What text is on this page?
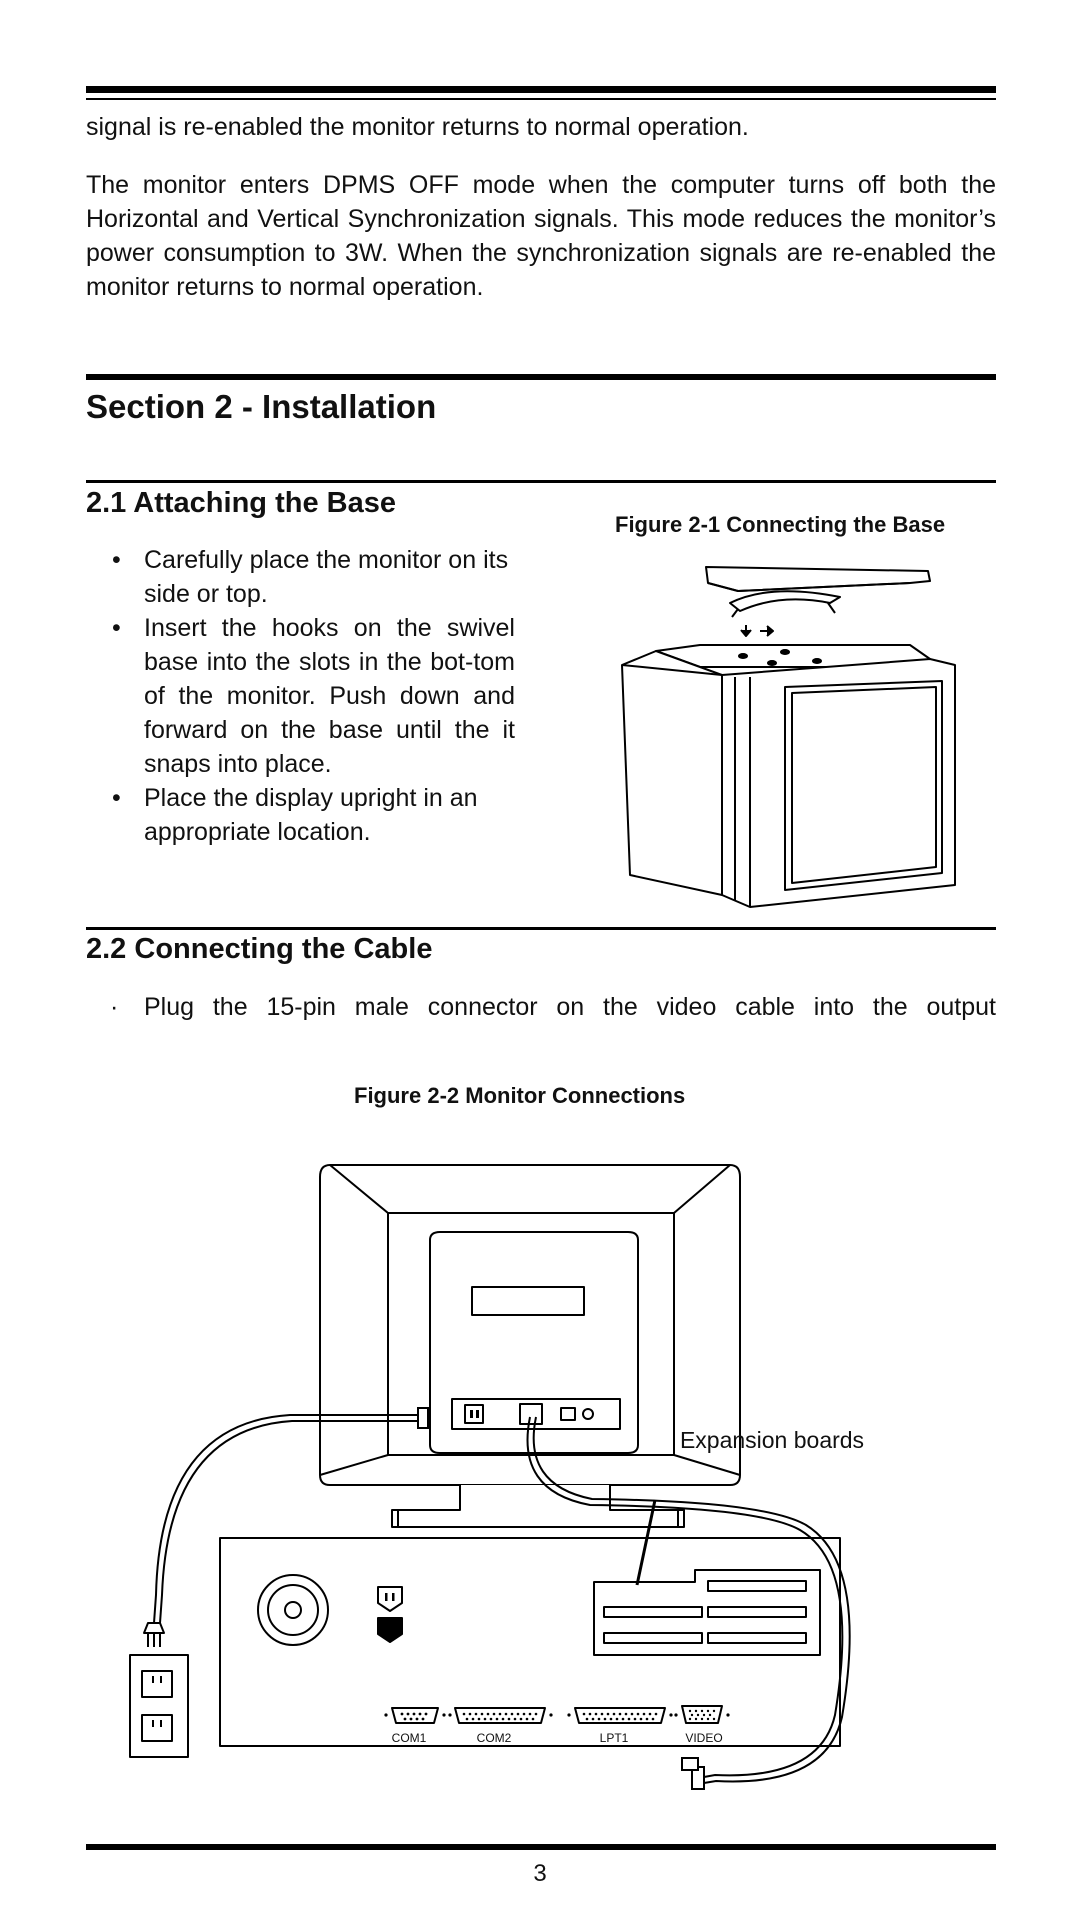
signal is re-enabled the monitor returns to normal operation.

The monitor enters DPMS OFF mode when the computer turns off both the Horizontal and Vertical Synchronization signals. This mode reduces the monitor’s power consumption to 3W. When the synchronization signals are re-enabled the monitor returns to normal operation.

Section 2 - Installation
2.1 Attaching the Base
• Carefully place the monitor on its side or top.
• Insert the hooks on the swivel base into the slots in the bot-tom of the monitor. Push down and forward on the base until the it snaps into place.
• Place the display upright in an appropriate location.

Figure 2-1 Connecting the Base

2.2 Connecting the Cable
·	Plug the 15-pin male connector on the video cable into the output

Figure 2-2 Monitor Connections

Expansion boards
COM1	COM2	LPT1	VIDEO
3
